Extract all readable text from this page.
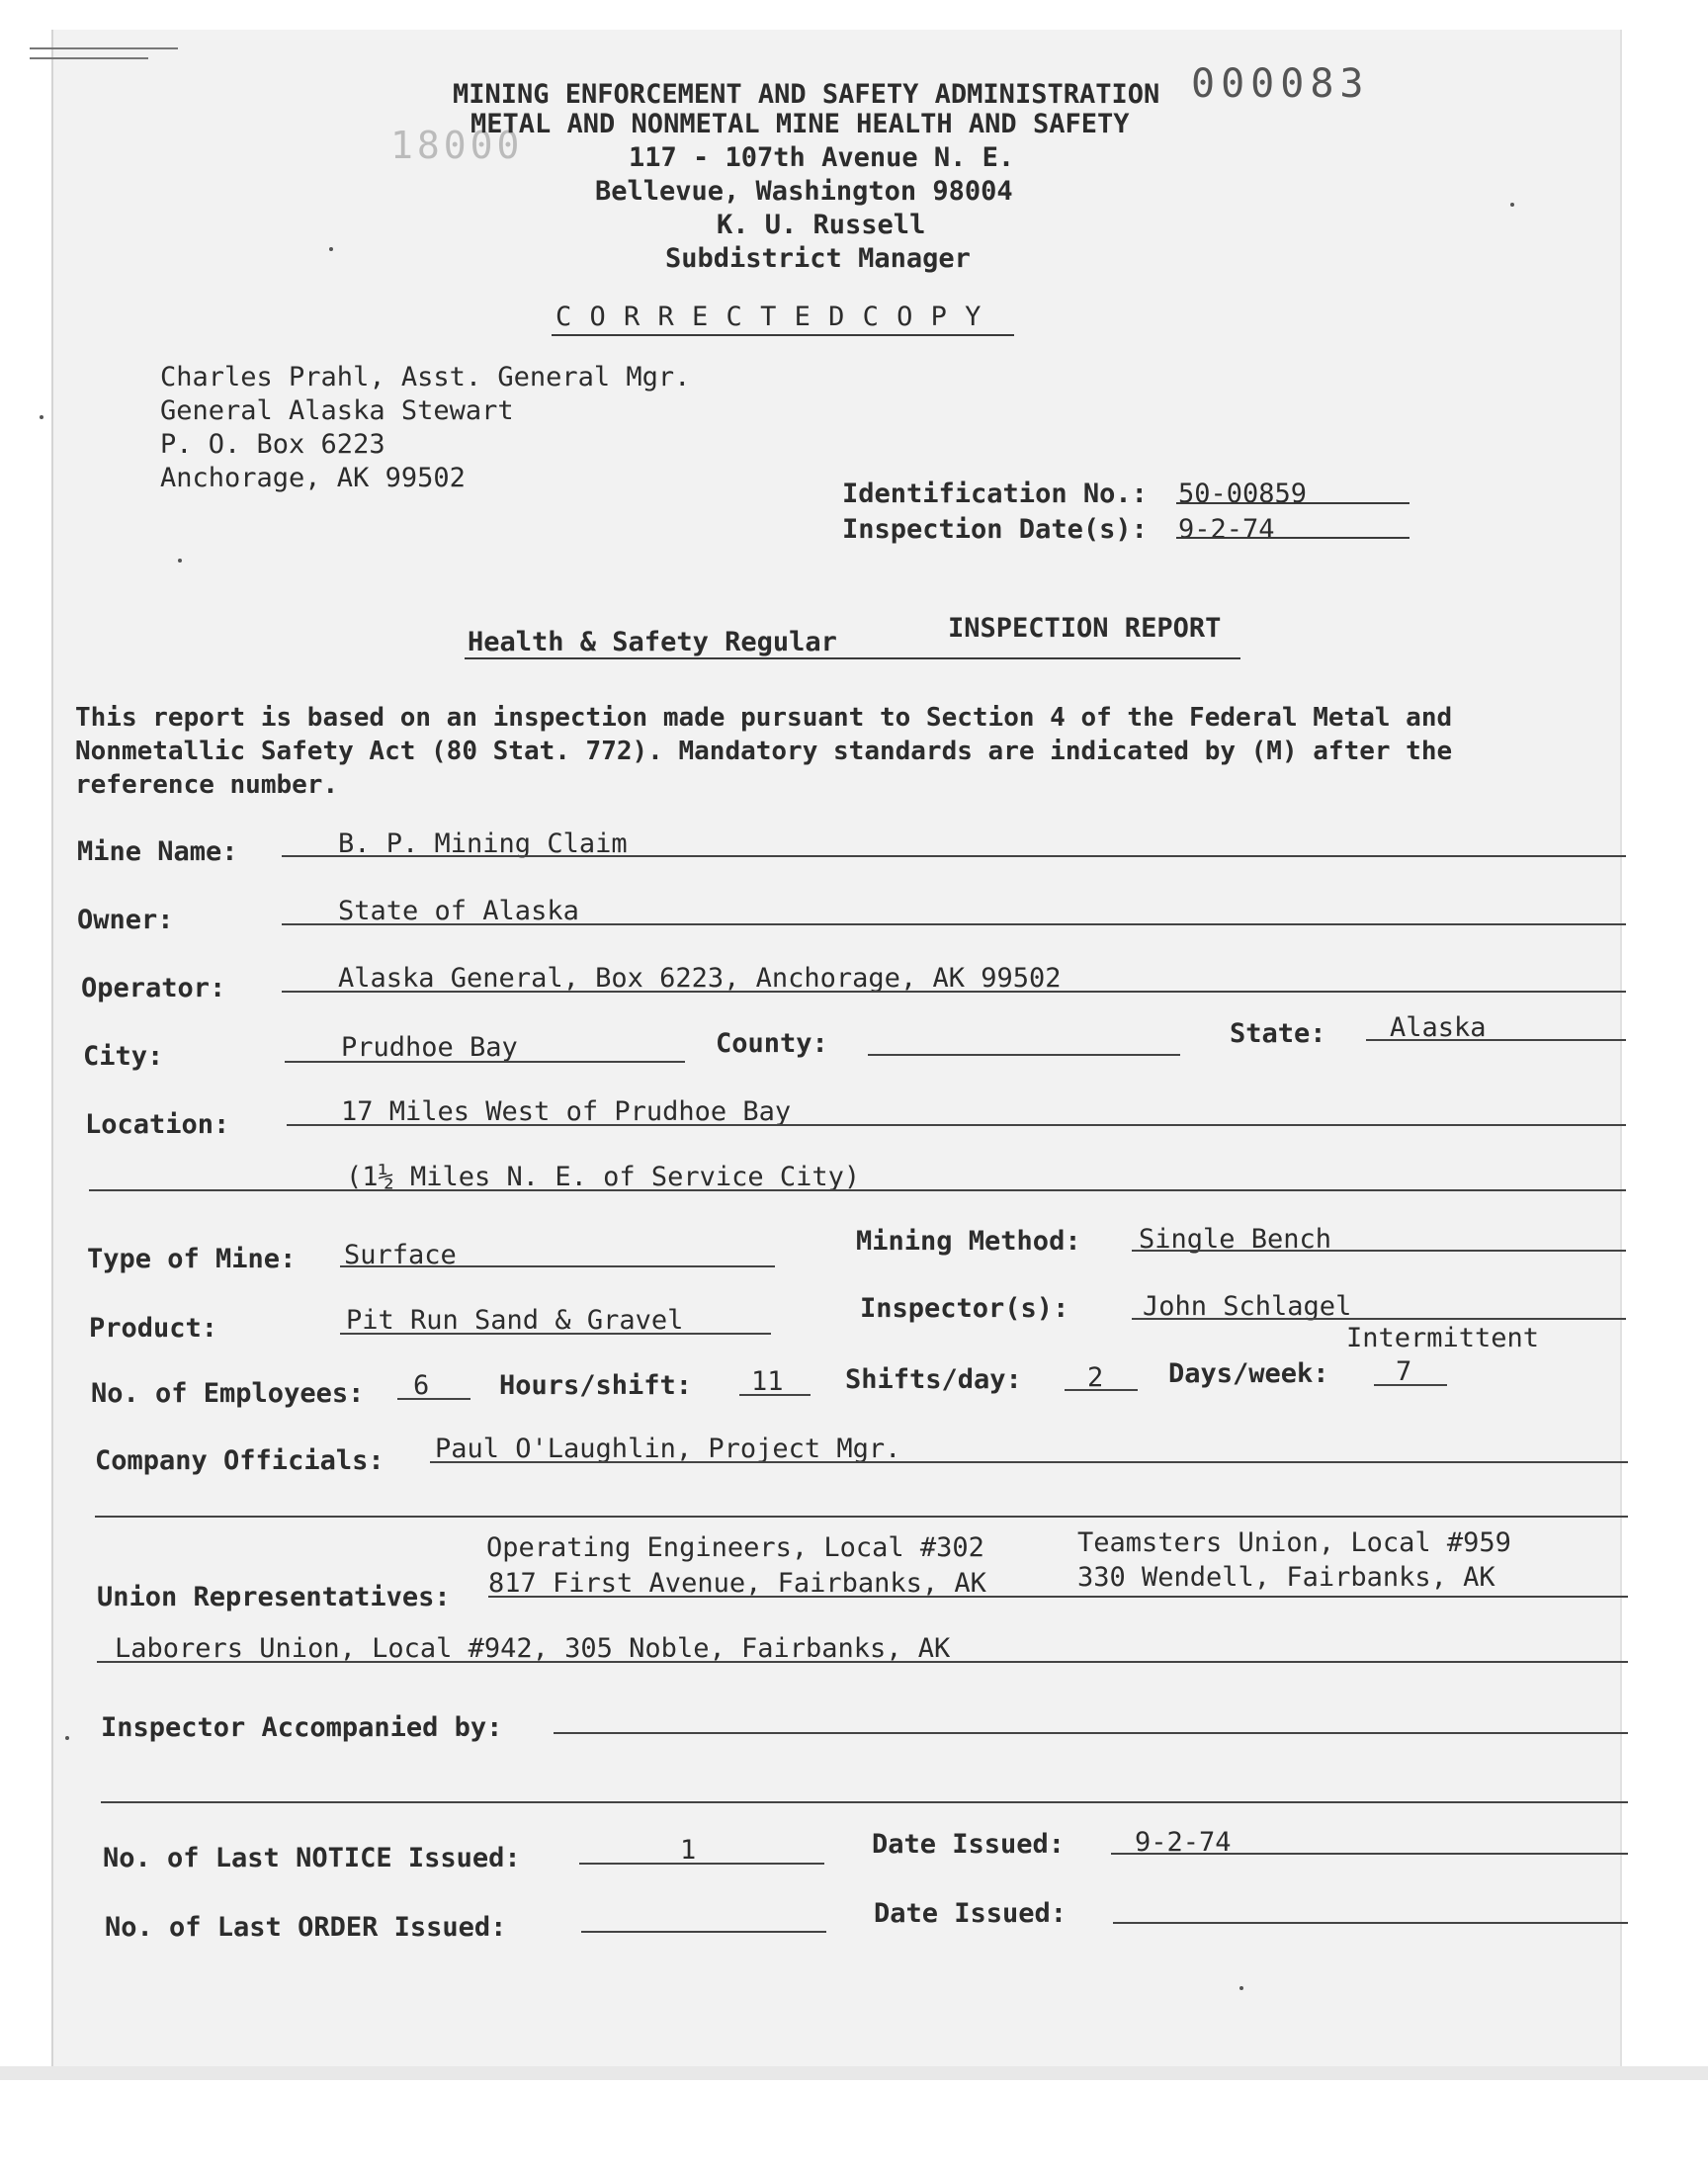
000083
18000
MINING ENFORCEMENT AND SAFETY ADMINISTRATION
METAL AND NONMETAL MINE HEALTH AND SAFETY
117 - 107th Avenue N. E.
Bellevue, Washington 98004
K. U. Russell
Subdistrict Manager
C O R R E C T E D C O P Y
Charles Prahl, Asst. General Mgr.
General Alaska Stewart
P. O. Box 6223
Anchorage, AK 99502
Identification No.: 50-00859
Inspection Date(s): 9-2-74
Health & Safety Regular	INSPECTION REPORT
This report is based on an inspection made pursuant to Section 4 of the Federal Metal and
Nonmetallic Safety Act (80 Stat. 772). Mandatory standards are indicated by (M) after the
reference number.
Mine Name:	B. P. Mining Claim
Owner:	State of Alaska
Operator:	Alaska General, Box 6223, Anchorage, AK 99502
City:	Prudhoe Bay	County:	State: Alaska
Location:	17 Miles West of Prudhoe Bay
(1½ Miles N. E. of Service City)
Type of Mine: Surface	Mining Method: Single Bench
Product:	Pit Run Sand & Gravel	Inspector(s):	John Schlagel
Intermittent
No. of Employees: 6	Hours/shift: 11 Shifts/day: 2 Days/week: 7
Company Officials: Paul O'Laughlin, Project Mgr.
Operating Engineers, Local #302	Teamsters Union, Local #959
Union Representatives: 817 First Avenue, Fairbanks, AK	330 Wendell, Fairbanks, AK
Laborers Union, Local #942, 305 Noble, Fairbanks, AK
Inspector Accompanied by:
No. of Last NOTICE Issued:	1	Date Issued:	9-2-74
No. of Last ORDER Issued:	Date Issued:
